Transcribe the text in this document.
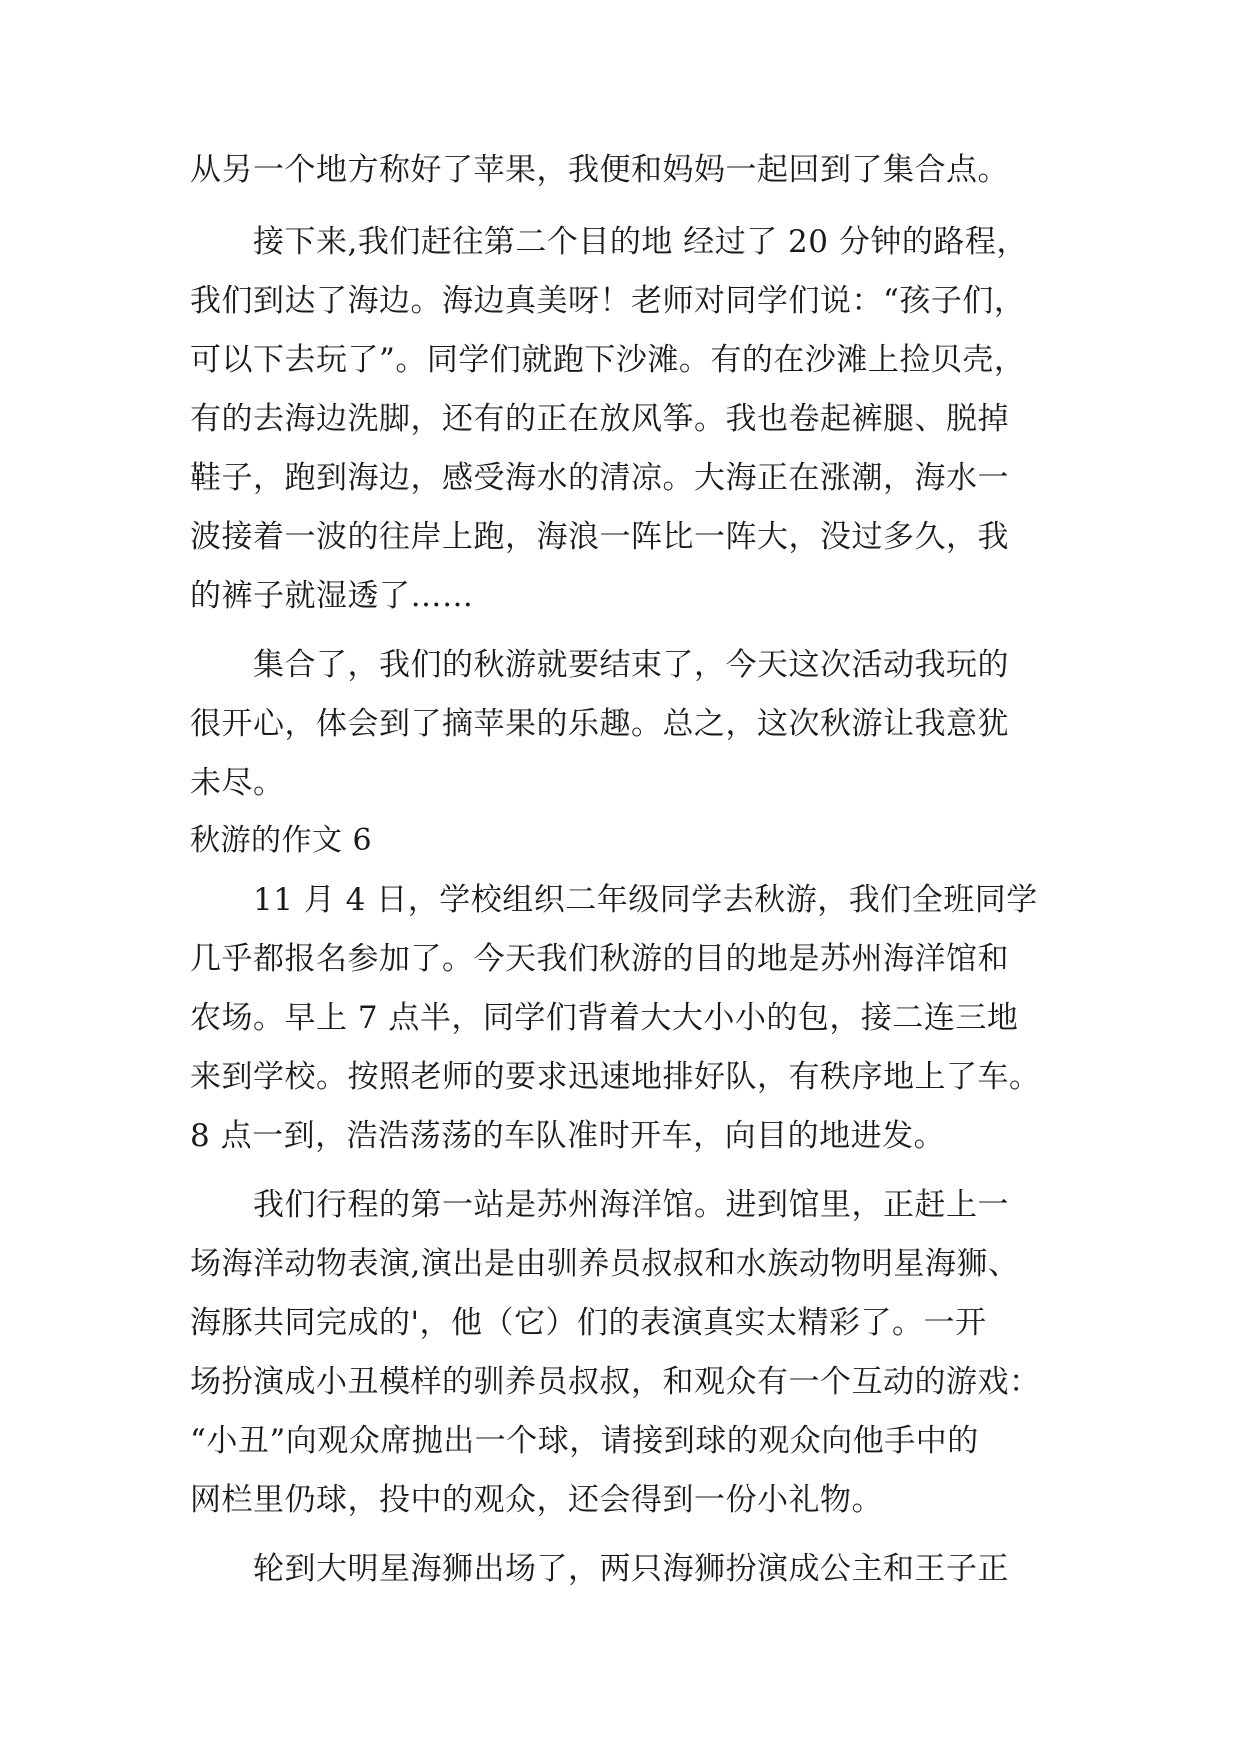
从另一个地方称好了苹果，我便和妈妈一起回到了集合点。
　　接下来,我们赶往第二个目的地 经过了 20 分钟的路程，
我们到达了海边。海边真美呀！老师对同学们说：“孩子们，
可以下去玩了”。同学们就跑下沙滩。有的在沙滩上捡贝壳，
有的去海边洗脚，还有的正在放风筝。我也卷起裤腿、脱掉
鞋子，跑到海边，感受海水的清凉。大海正在涨潮，海水一
波接着一波的往岸上跑，海浪一阵比一阵大，没过多久，我
的裤子就湿透了……
　　集合了，我们的秋游就要结束了，今天这次活动我玩的
很开心，体会到了摘苹果的乐趣。总之，这次秋游让我意犹
未尽。
秋游的作文 6
　　11 月 4 日，学校组织二年级同学去秋游，我们全班同学
几乎都报名参加了。今天我们秋游的目的地是苏州海洋馆和
农场。早上 7 点半，同学们背着大大小小的包，接二连三地
来到学校。按照老师的要求迅速地排好队，有秩序地上了车。
8 点一到，浩浩荡荡的车队准时开车，向目的地进发。
　　我们行程的第一站是苏州海洋馆。进到馆里，正赶上一
场海洋动物表演,演出是由驯养员叔叔和水族动物明星海狮、
海豚共同完成的'，他（它）们的表演真实太精彩了。一开
场扮演成小丑模样的驯养员叔叔，和观众有一个互动的游戏：
“小丑”向观众席抛出一个球，请接到球的观众向他手中的
网栏里仍球，投中的观众，还会得到一份小礼物。
　　轮到大明星海狮出场了，两只海狮扮演成公主和王子正
